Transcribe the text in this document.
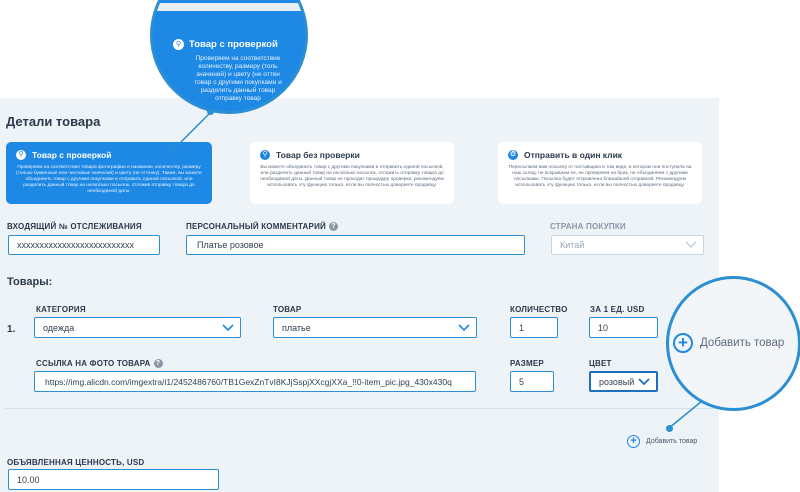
Детали товара
⚲ Товар с проверкой
Проверяем на соответствие товара фотографии и названию, количеству, размеру (только буквенные или числовые значений) и цвету (не оттенку). Также, вы можете объединить товар с другими покупками и отправить единой посылкой, или разделить данный товар на несколько посылок, отложив отправку товара до необходимой даты.
⚲ Товар без проверки
Вы можете объединить товар с другими покупками и отправить единой посылкой, или разделить данный товар на несколько посылок, отложить отправку товара до необходимой даты. Данный товар не проходит процедуру проверки, рекомендуем использовать эту функцию только, если вы полностью доверяете продавцу.
⏱ Отправить в один клик
Пересылаем вам посылку от поставщика в том виде, в котором она поступила на наш склад: не вскрываем ее, не проверяем на брак, не объединяем с другими посылками. Посылка будет отправлена ближайшей отправкой. Рекомендуем использовать эту функцию только, если вы полностью доверяете продавцу.
ВХОДЯЩИЙ № ОТСЛЕЖИВАНИЯ
xxxxxxxxxxxxxxxxxxxxxxxxxx
ПЕРСОНАЛЬНЫЙ КОММЕНТАРИЙ ?
Платье розовое
СТРАНА ПОКУПКИ
Китай
Товары:
1.
КАТЕГОРИЯ
одежда
ТОВАР
платье
КОЛИЧЕСТВО
1
ЗА 1 ЕД. USD
10
ССЫЛКА НА ФОТО ТОВАРА ?
https://img.alicdn.com/imgextra/i1/2452486760/TB1GexZnTvI8KJjSspjXXcgjXXa_!!0-item_pic.jpg_430x430q
РАЗМЕР
5
ЦВЕТ
розовый
+	Добавить товар
ОБЪЯВЛЕННАЯ ЦЕННОСТЬ, USD
10.00
⚲ Товар с проверкой
Проверяем на соответствие
количеству, размеру (толь
значений) и цвету (не оттен
товар с другими покупками и
разделить данный товар
отправку товар
+	Добавить товар
